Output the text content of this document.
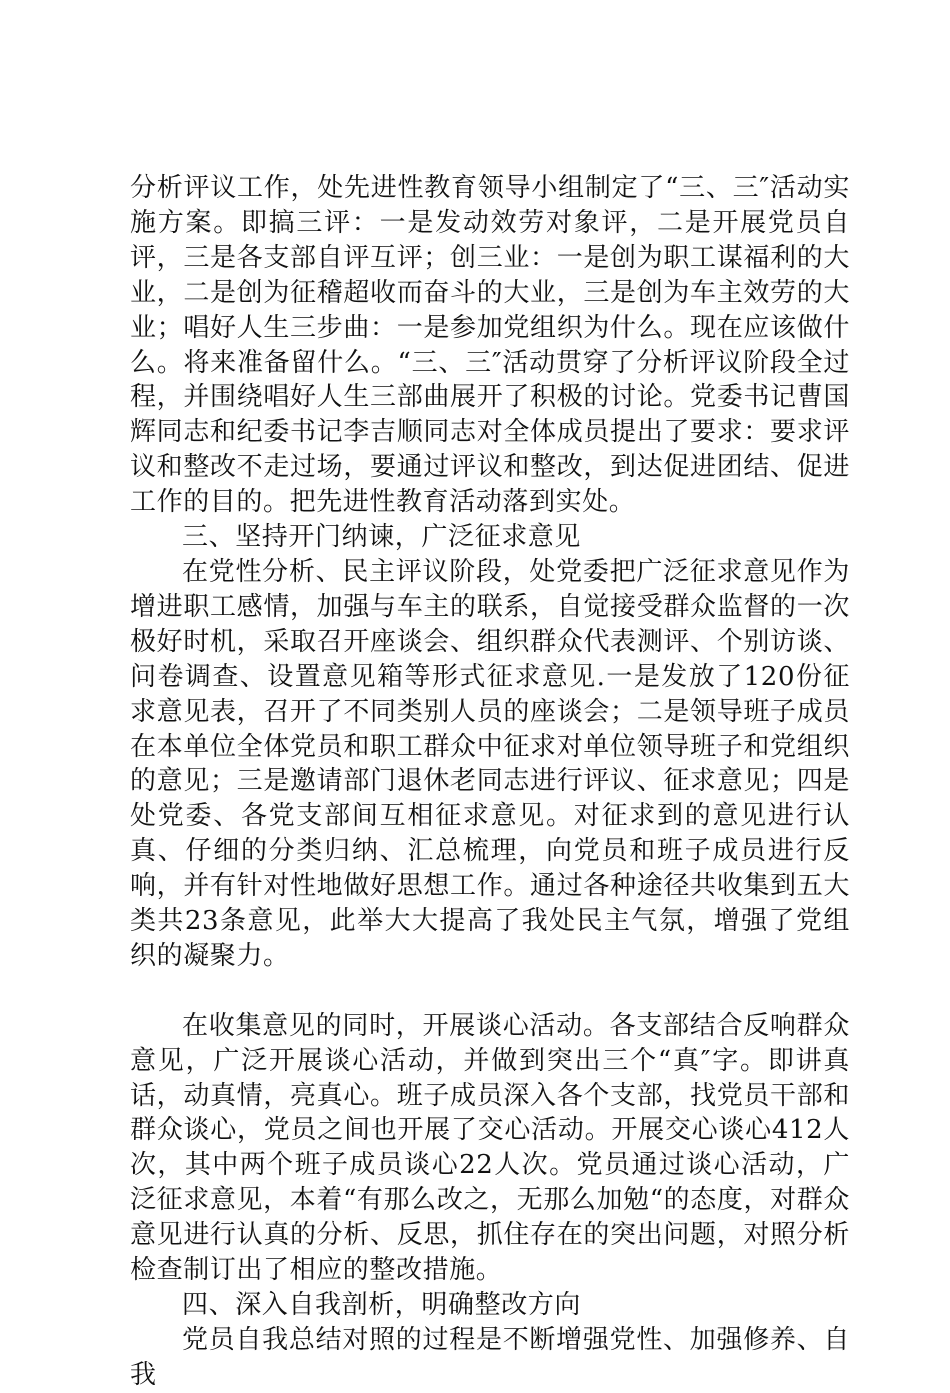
分析评议工作，处先进性教育领导小组制定了“三、三″活动实施方案。即搞三评：一是发动效劳对象评，二是开展党员自评，三是各支部自评互评；创三业：一是创为职工谋福利的大业，二是创为征稽超收而奋斗的大业，三是创为车主效劳的大业；唱好人生三步曲：一是参加党组织为什么。现在应该做什么。将来准备留什么。“三、三″活动贯穿了分析评议阶段全过程，并围绕唱好人生三部曲展开了积极的讨论。党委书记曹国辉同志和纪委书记李吉顺同志对全体成员提出了要求：要求评议和整改不走过场，要通过评议和整改，到达促进团结、促进工作的目的。把先进性教育活动落到实处。

三、坚持开门纳谏，广泛征求意见

在党性分析、民主评议阶段，处党委把广泛征求意见作为增进职工感情，加强与车主的联系，自觉接受群众监督的一次极好时机，采取召开座谈会、组织群众代表测评、个别访谈、问卷调查、设置意见箱等形式征求意见.一是发放了120份征求意见表，召开了不同类别人员的座谈会；二是领导班子成员在本单位全体党员和职工群众中征求对单位领导班子和党组织的意见；三是邀请部门退休老同志进行评议、征求意见；四是处党委、各党支部间互相征求意见。对征求到的意见进行认真、仔细的分类归纳、汇总梳理，向党员和班子成员进行反响，并有针对性地做好思想工作。通过各种途径共收集到五大类共23条意见，此举大大提高了我处民主气氛，增强了党组织的凝聚力。

在收集意见的同时，开展谈心活动。各支部结合反响群众意见，广泛开展谈心活动，并做到突出三个“真″字。即讲真话，动真情，亮真心。班子成员深入各个支部，找党员干部和群众谈心，党员之间也开展了交心活动。开展交心谈心412人次，其中两个班子成员谈心22人次。党员通过谈心活动，广泛征求意见，本着“有那么改之，无那么加勉“的态度，对群众意见进行认真的分析、反思，抓住存在的突出问题，对照分析检查制订出了相应的整改措施。

四、深入自我剖析，明确整改方向

党员自我总结对照的过程是不断增强党性、加强修养、自我
